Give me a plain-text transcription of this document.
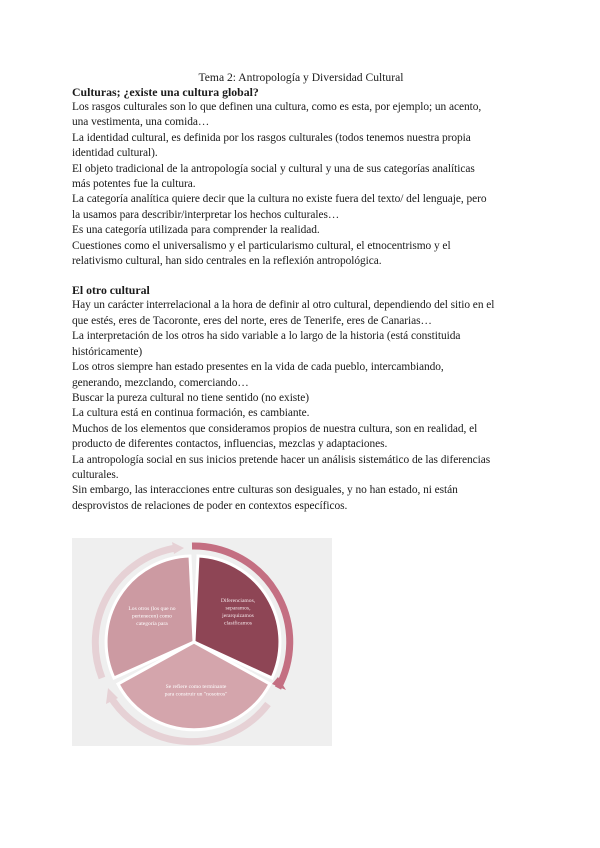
Tema 2: Antropología y Diversidad Cultural

Culturas; ¿existe una cultura global?

Los rasgos culturales son lo que definen una cultura, como es esta, por ejemplo; un acento,

una vestimenta, una comida…

La identidad cultural, es definida por los rasgos culturales (todos tenemos nuestra propia

identidad cultural).

El objeto tradicional de la antropología social y cultural y una de sus categorías analíticas

más potentes fue la cultura.

La categoría analítica quiere decir que la cultura no existe fuera del texto/ del lenguaje, pero

la usamos para describir/interpretar los hechos culturales…

Es una categoría utilizada para comprender la realidad.

Cuestiones como el universalismo y el particularismo cultural, el etnocentrismo y el

relativismo cultural, han sido centrales en la reflexión antropológica.

El otro cultural

Hay un carácter interrelacional a la hora de definir al otro cultural, dependiendo del sitio en el

que estés, eres de Tacoronte, eres del norte, eres de Tenerife, eres de Canarias…

La interpretación de los otros ha sido variable a lo largo de la historia (está constituida

históricamente)

Los otros siempre han estado presentes en la vida de cada pueblo, intercambiando,

generando, mezclando, comerciando…

Buscar la pureza cultural no tiene sentido (no existe)

La cultura está en continua formación, es cambiante.

Muchos de los elementos que consideramos propios de nuestra cultura, son en realidad, el

producto de diferentes contactos, influencias, mezclas y adaptaciones.

La antropología social en sus inicios pretende hacer un análisis sistemático de las diferencias

culturales.

Sin embargo, las interacciones entre culturas son desiguales, y no han estado, ni están

desprovistos de relaciones de poder en contextos específicos.

Diferenciamos,
separamos,
jerarquizamos
clasificamos
Se refiere como terminante
para construir un "nosotros"
Los otros (los que no
pertenecen) como
categoría para
